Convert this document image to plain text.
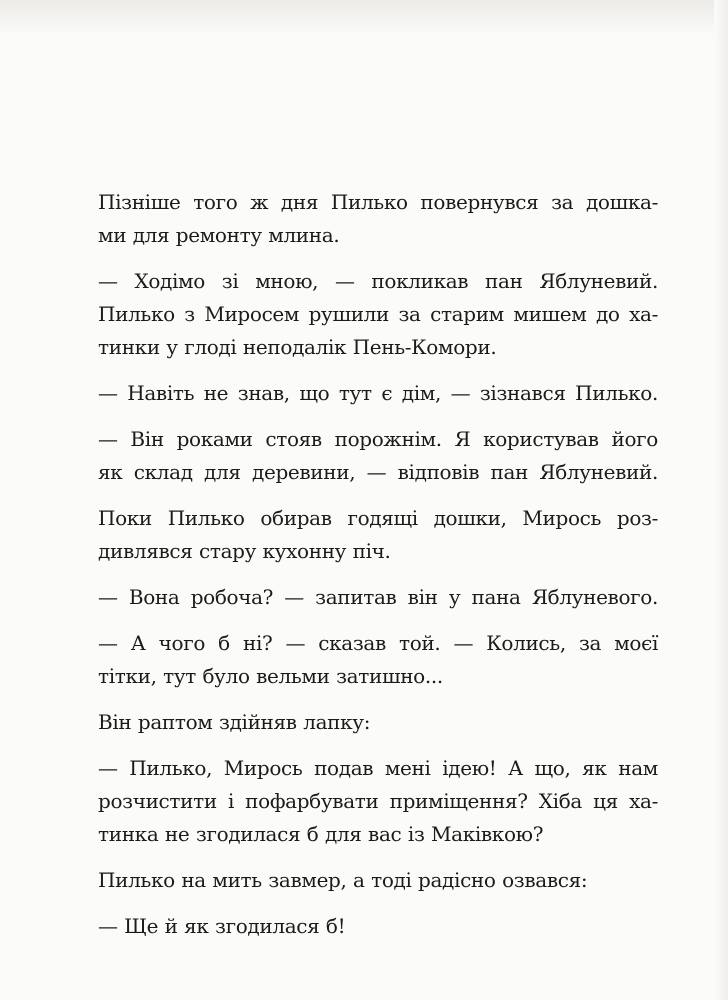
Пізніше того ж дня Пилько повернувся за дошка-
ми для ремонту млина.
— Ходімо зі мною, — покликав пан Яблуневий.
Пилько з Миросем рушили за старим мишем до ха-
тинки у глоді неподалік Пень-Комори.
— Навіть не знав, що тут є дім, — зізнався Пилько.
— Він роками стояв порожнім. Я користував його
як склад для деревини, — відповів пан Яблуневий.
Поки Пилько обирав годящі дошки, Мирось роз-
дивлявся стару кухонну піч.
— Вона робоча? — запитав він у пана Яблуневого.
— А чого б ні? — сказав той. — Колись, за моєї
тітки, тут було вельми затишно...
Він раптом здійняв лапку:
— Пилько, Мирось подав мені ідею! А що, як нам
розчистити і пофарбувати приміщення? Хіба ця ха-
тинка не згодилася б для вас із Маківкою?
Пилько на мить завмер, а тоді радісно озвався:
— Ще й як згодилася б!
